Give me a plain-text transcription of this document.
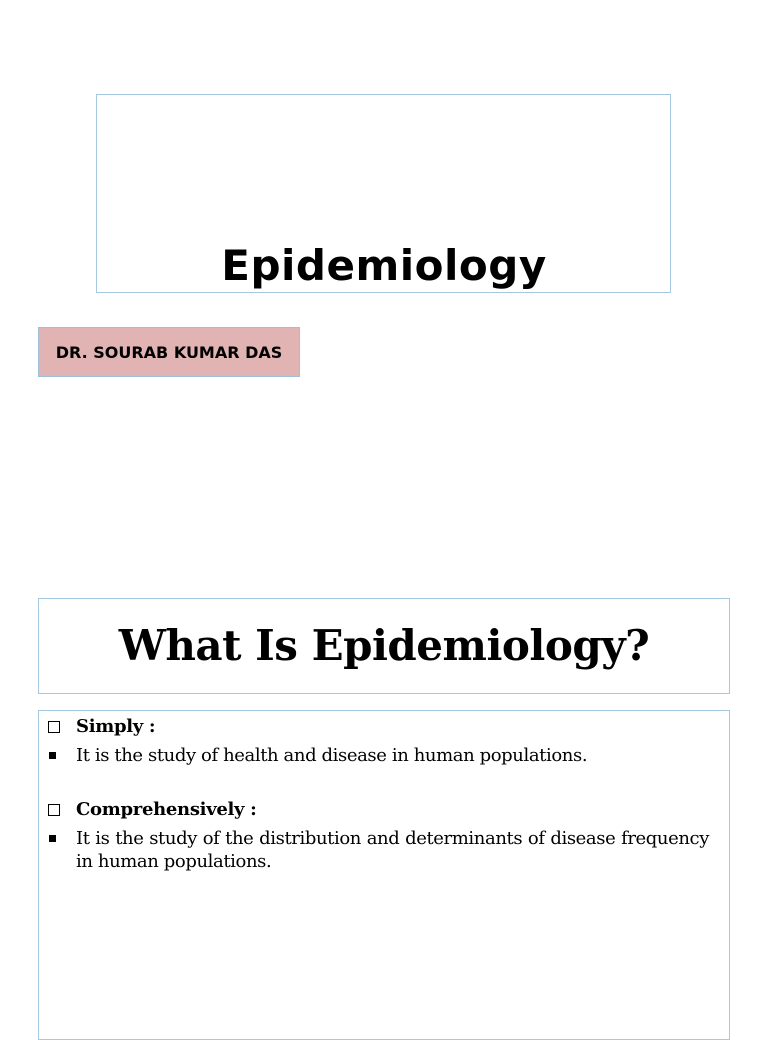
Epidemiology
DR. SOURAB KUMAR DAS
What Is Epidemiology?
Simply :
It is the study of health and disease in human populations.
Comprehensively :
It is the study of the distribution and determinants of disease frequency in human populations.
